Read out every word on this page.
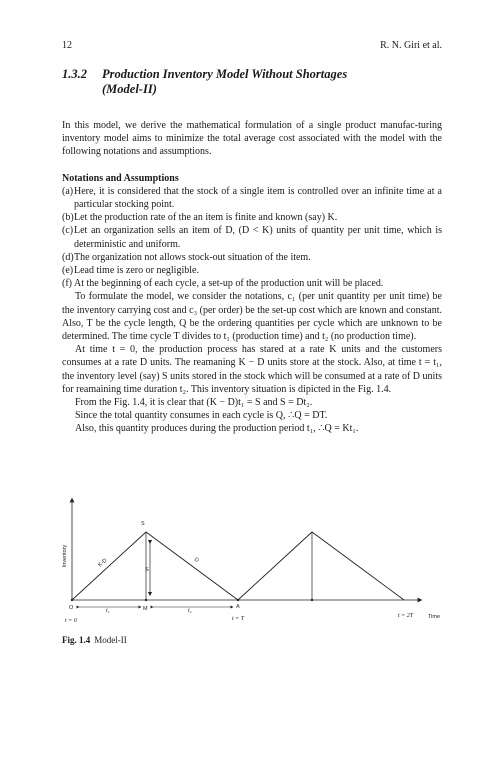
12	R. N. Giri et al.
1.3.2 Production Inventory Model Without Shortages
(Model-II)

In this model, we derive the mathematical formulation of a single product manufac-turing inventory model aims to minimize the total average cost associated with the model with the following notations and assumptions.

Notations and Assumptions

(a) Here, it is considered that the stock of a single item is controlled over an infinite time at a particular stocking point.
(b) Let the production rate of the an item is finite and known (say) K.
(c) Let an organization sells an item of D, (D < K) units of quantity per unit time, which is deterministic and uniform.
(d) The organization not allows stock-out situation of the item.
(e) Lead time is zero or negligible.
(f) At the beginning of each cycle, a set-up of the production unit will be placed.

To formulate the model, we consider the notations, c₁ (per unit quantity per unit time) be the inventory carrying cost and c₃ (per order) be the set-up cost which are known and constant. Also, T be the cycle length, Q be the ordering quantities per cycle which are unknown to be determined. The time cycle T divides to t₁ (production time) and t₂ (no production time).

At time t = 0, the production process has stared at a rate K units and the customers consumes at a rate D units. The reamaning K − D units store at the stock. Also, at time t = t₁, the inventory level (say) S units stored in the stock which will be consumed at a rate of D units for reamaining time duration t₂. This inventory situation is dipicted in the Fig. 1.4.

From the Fig. 1.4, it is clear that (K − D)t₁ = S and S = Dt₂.

Since the total quantity consumes in each cycle is Q, ∴Q = DT.

Also, this quantity produces during the production period t₁, ∴Q = Kt₁.

Inventory
Time
S
S
K-D	D
O	M	A
t₁	t₂
t = 0	t = T	t = 2T
Fig. 1.4 Model-II
